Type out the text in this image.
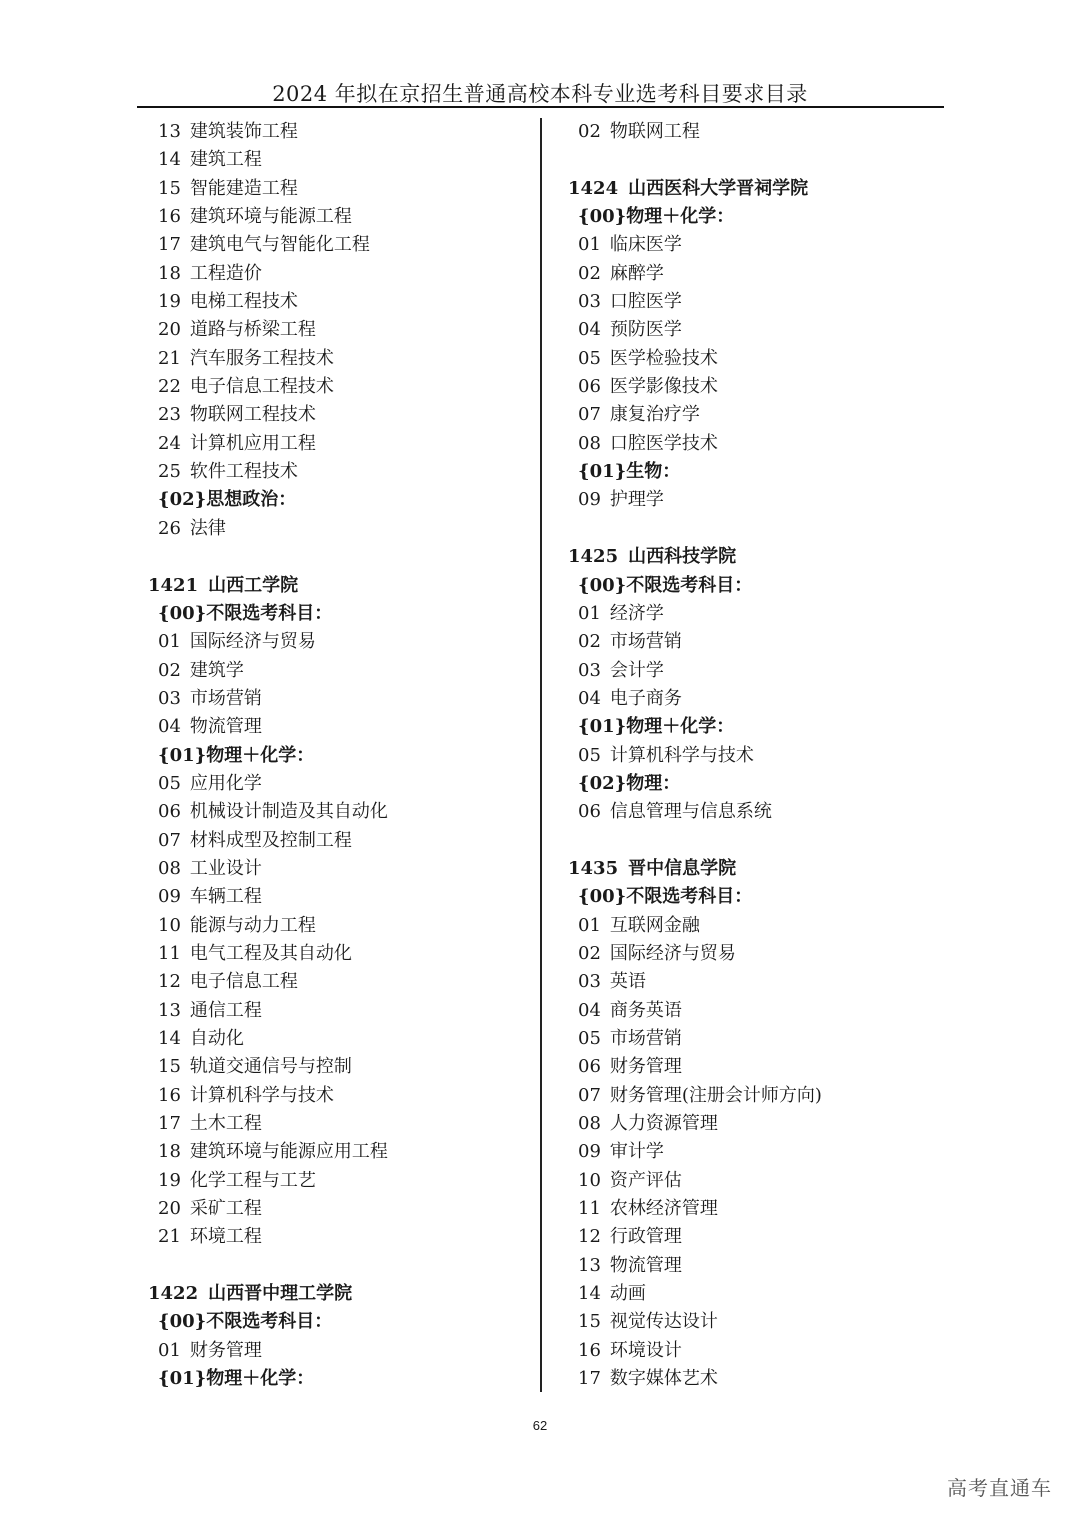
2024 年拟在京招生普通高校本科专业选考科目要求目录
13 建筑装饰工程
14 建筑工程
15 智能建造工程
16 建筑环境与能源工程
17 建筑电气与智能化工程
18 工程造价
19 电梯工程技术
20 道路与桥梁工程
21 汽车服务工程技术
22 电子信息工程技术
23 物联网工程技术
24 计算机应用工程
25 软件工程技术
{02}思想政治：
26 法律
1421 山西工学院
{00}不限选考科目：
01 国际经济与贸易
02 建筑学
03 市场营销
04 物流管理
{01}物理＋化学：
05 应用化学
06 机械设计制造及其自动化
07 材料成型及控制工程
08 工业设计
09 车辆工程
10 能源与动力工程
11 电气工程及其自动化
12 电子信息工程
13 通信工程
14 自动化
15 轨道交通信号与控制
16 计算机科学与技术
17 土木工程
18 建筑环境与能源应用工程
19 化学工程与工艺
20 采矿工程
21 环境工程
1422 山西晋中理工学院
{00}不限选考科目：
01 财务管理
{01}物理＋化学：
02 物联网工程
1424 山西医科大学晋祠学院
{00}物理＋化学：
01 临床医学
02 麻醉学
03 口腔医学
04 预防医学
05 医学检验技术
06 医学影像技术
07 康复治疗学
08 口腔医学技术
{01}生物：
09 护理学
1425 山西科技学院
{00}不限选考科目：
01 经济学
02 市场营销
03 会计学
04 电子商务
{01}物理＋化学：
05 计算机科学与技术
{02}物理：
06 信息管理与信息系统
1435 晋中信息学院
{00}不限选考科目：
01 互联网金融
02 国际经济与贸易
03 英语
04 商务英语
05 市场营销
06 财务管理
07 财务管理(注册会计师方向)
08 人力资源管理
09 审计学
10 资产评估
11 农林经济管理
12 行政管理
13 物流管理
14 动画
15 视觉传达设计
16 环境设计
17 数字媒体艺术
62
高考直通车
